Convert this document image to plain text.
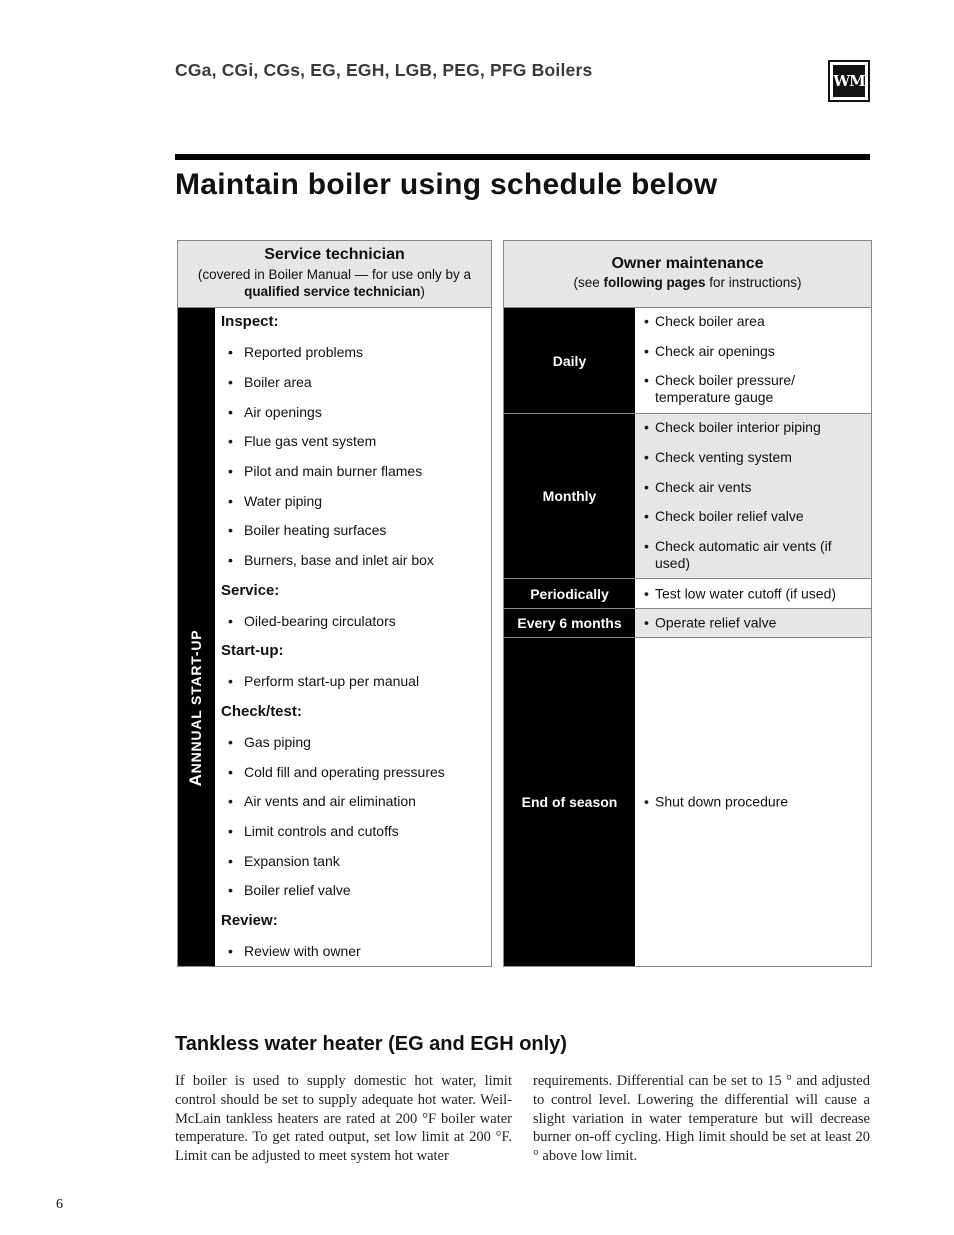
CGa, CGi, CGs, EG, EGH, LGB, PEG, PFG Boilers
WM
Maintain boiler using schedule below
Service technician
(covered in Boiler Manual — for use only by a
qualified service technician)
ANNNUAL START-UP
Inspect:
• Reported problems
• Boiler area
• Air openings
• Flue gas vent system
• Pilot and main burner flames
• Water piping
• Boiler heating surfaces
• Burners, base and inlet air box
Service:
• Oiled-bearing circulators
Start-up:
• Perform start-up per manual
Check/test:
• Gas piping
• Cold fill and operating pressures
• Air vents and air elimination
• Limit controls and cutoffs
• Expansion tank
• Boiler relief valve
Review:
• Review with owner
Owner maintenance
(see following pages for instructions)
Daily
• Check boiler area
• Check air openings
• Check boiler pressure/ temperature gauge
Monthly
• Check boiler interior piping
• Check venting system
• Check air vents
• Check boiler relief valve
• Check automatic air vents (if used)
Periodically	• Test low water cutoff (if used)
Every 6 months	• Operate relief valve
End of season	• Shut down procedure
Tankless water heater (EG and EGH only)
If boiler is used to supply domestic hot water, limit control should be set to supply adequate hot water. Weil-McLain tankless heaters are rated at 200 °F boiler water temperature. To get rated output, set low limit at 200 °F. Limit can be adjusted to meet system hot water
requirements. Differential can be set to 15 ° and adjusted to control level. Lowering the differential will cause a slight variation in water temperature but will decrease burner on-off cycling. High limit should be set at least 20 ° above low limit.
6
